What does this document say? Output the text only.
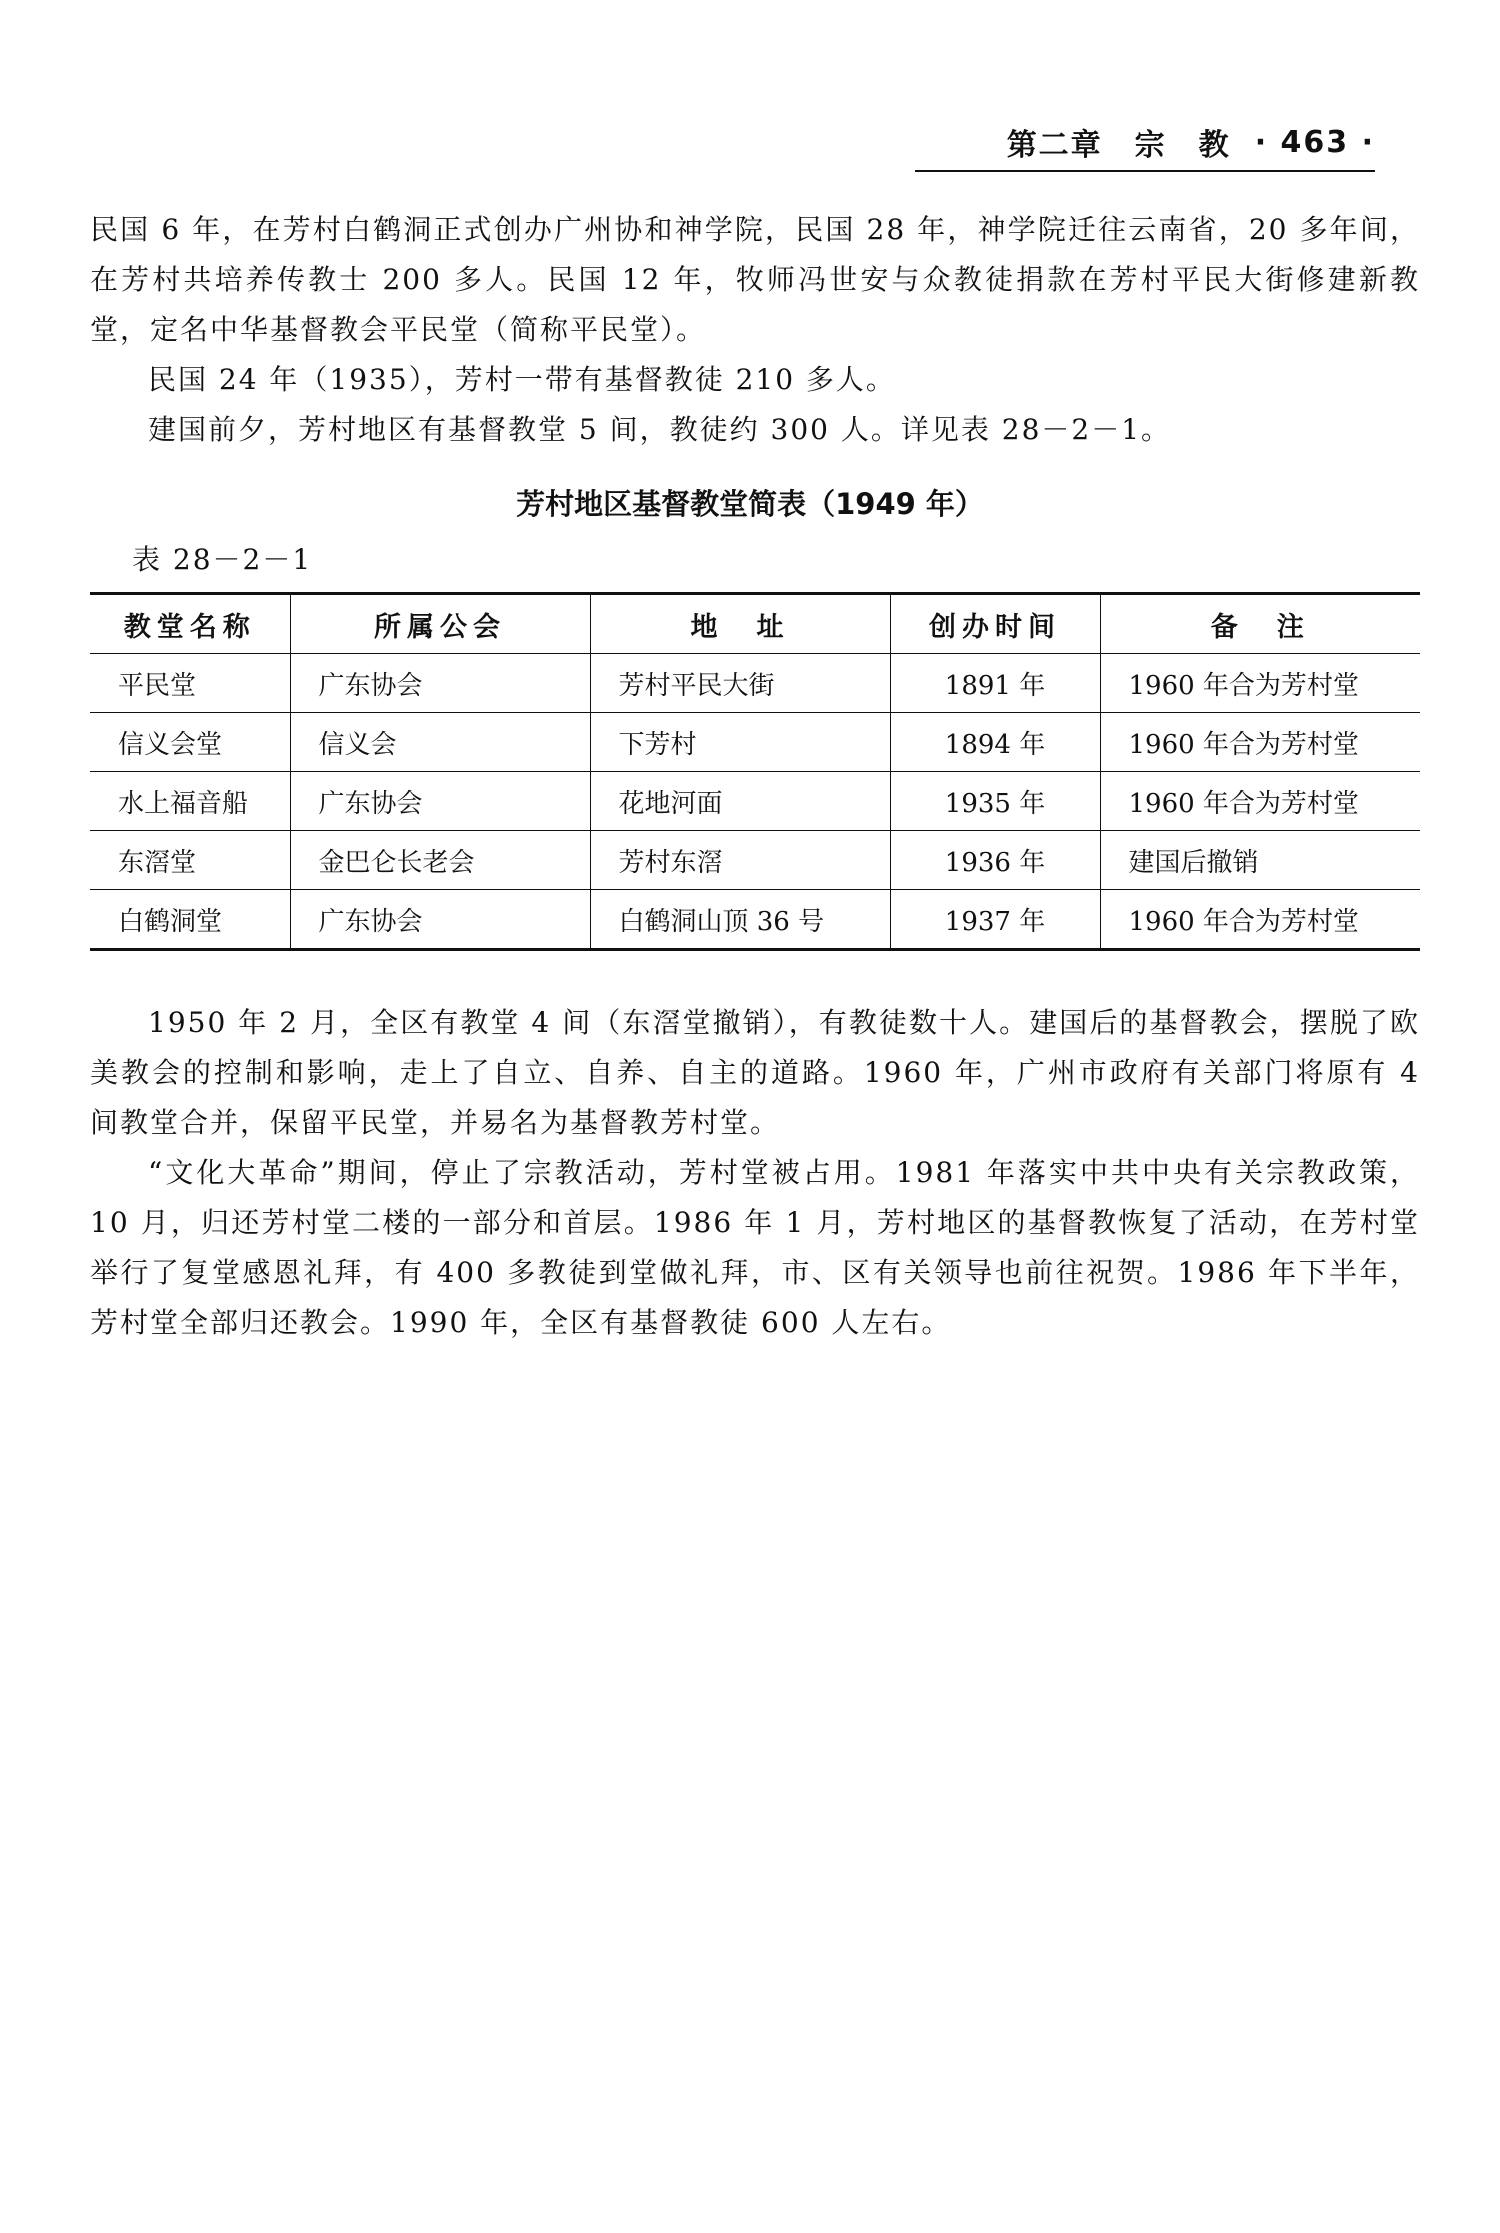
第二章　宗　教 · 463 ·

民国 6 年，在芳村白鹤洞正式创办广州协和神学院，民国 28 年，神学院迁往云南省，20 多年间，在芳村共培养传教士 200 多人。民国 12 年，牧师冯世安与众教徒捐款在芳村平民大街修建新教堂，定名中华基督教会平民堂（简称平民堂）。

民国 24 年（1935），芳村一带有基督教徒 210 多人。

建国前夕，芳村地区有基督教堂 5 间，教徒约 300 人。详见表 28－2－1。

芳村地区基督教堂简表（1949 年）
表 28－2－1
教堂名称	所属公会	地　址	创办时间	备　注
平民堂	广东协会	芳村平民大街	1891 年	1960 年合为芳村堂
信义会堂	信义会	下芳村	1894 年	1960 年合为芳村堂
水上福音船	广东协会	花地河面	1935 年	1960 年合为芳村堂
东滘堂	金巴仑长老会	芳村东滘	1936 年	建国后撤销
白鹤洞堂	广东协会	白鹤洞山顶 36 号	1937 年	1960 年合为芳村堂

1950 年 2 月，全区有教堂 4 间（东滘堂撤销），有教徒数十人。建国后的基督教会，摆脱了欧美教会的控制和影响，走上了自立、自养、自主的道路。1960 年，广州市政府有关部门将原有 4 间教堂合并，保留平民堂，并易名为基督教芳村堂。

“文化大革命”期间，停止了宗教活动，芳村堂被占用。1981 年落实中共中央有关宗教政策，10 月，归还芳村堂二楼的一部分和首层。1986 年 1 月，芳村地区的基督教恢复了活动，在芳村堂举行了复堂感恩礼拜，有 400 多教徒到堂做礼拜，市、区有关领导也前往祝贺。1986 年下半年，芳村堂全部归还教会。1990 年，全区有基督教徒 600 人左右。
